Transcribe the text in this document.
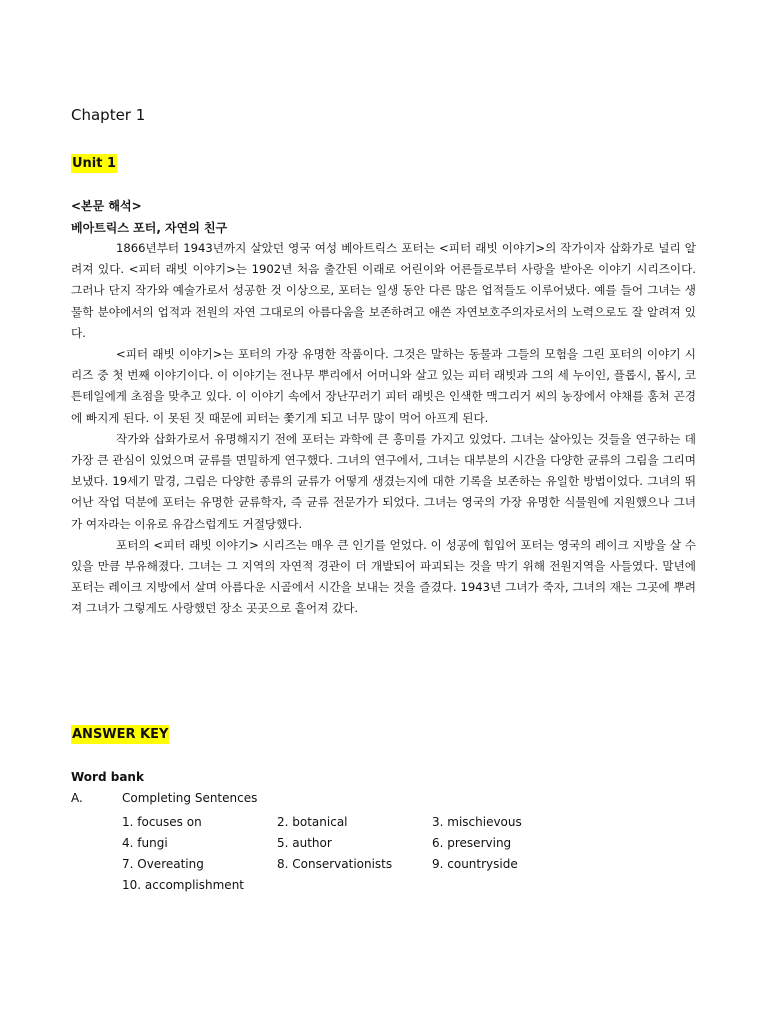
Chapter 1
Unit 1
<본문 해석>
베아트릭스 포터, 자연의 친구

1866년부터 1943년까지 살았던 영국 여성 베아트릭스 포터는 <피터 래빗 이야기>의 작가이자 삽화가로 널리 알려져 있다. <피터 래빗 이야기>는 1902년 처음 출간된 이래로 어린이와 어른들로부터 사랑을 받아온 이야기 시리즈이다. 그러나 단지 작가와 예술가로서 성공한 것 이상으로, 포터는 일생 동안 다른 많은 업적들도 이루어냈다. 예를 들어 그녀는 생물학 분야에서의 업적과 전원의 자연 그대로의 아름다움을 보존하려고 애쓴 자연보호주의자로서의 노력으로도 잘 알려져 있다.

<피터 래빗 이야기>는 포터의 가장 유명한 작품이다. 그것은 말하는 동물과 그들의 모험을 그린 포터의 이야기 시리즈 중 첫 번째 이야기이다. 이 이야기는 전나무 뿌리에서 어머니와 살고 있는 피터 래빗과 그의 세 누이인, 플롭시, 몹시, 코튼테일에게 초점을 맞추고 있다. 이 이야기 속에서 장난꾸러기 피터 래빗은 인색한 맥그리거 씨의 농장에서 야채를 훔쳐 곤경에 빠지게 된다. 이 못된 짓 때문에 피터는 쫓기게 되고 너무 많이 먹어 아프게 된다.

작가와 삽화가로서 유명해지기 전에 포터는 과학에 큰 흥미를 가지고 있었다. 그녀는 살아있는 것들을 연구하는 데 가장 큰 관심이 있었으며 균류를 면밀하게 연구했다. 그녀의 연구에서, 그녀는 대부분의 시간을 다양한 균류의 그림을 그리며 보냈다. 19세기 말경, 그림은 다양한 종류의 균류가 어떻게 생겼는지에 대한 기록을 보존하는 유일한 방법이었다. 그녀의 뛰어난 작업 덕분에 포터는 유명한 균류학자, 즉 균류 전문가가 되었다. 그녀는 영국의 가장 유명한 식물원에 지원했으나 그녀가 여자라는 이유로 유감스럽게도 거절당했다.

포터의 <피터 래빗 이야기> 시리즈는 매우 큰 인기를 얻었다. 이 성공에 힘입어 포터는 영국의 레이크 지방을 살 수 있을 만큼 부유해졌다. 그녀는 그 지역의 자연적 경관이 더 개발되어 파괴되는 것을 막기 위해 전원지역을 사들였다. 말년에 포터는 레이크 지방에서 살며 아름다운 시골에서 시간을 보내는 것을 즐겼다. 1943년 그녀가 죽자, 그녀의 재는 그곳에 뿌려져 그녀가 그렇게도 사랑했던 장소 곳곳으로 흩어져 갔다.

ANSWER KEY
Word bank
A.	Completing Sentences
1. focuses on	2. botanical	3. mischievous
4. fungi	5. author	6. preserving
7. Overeating	8. Conservationists	9. countryside
10. accomplishment
